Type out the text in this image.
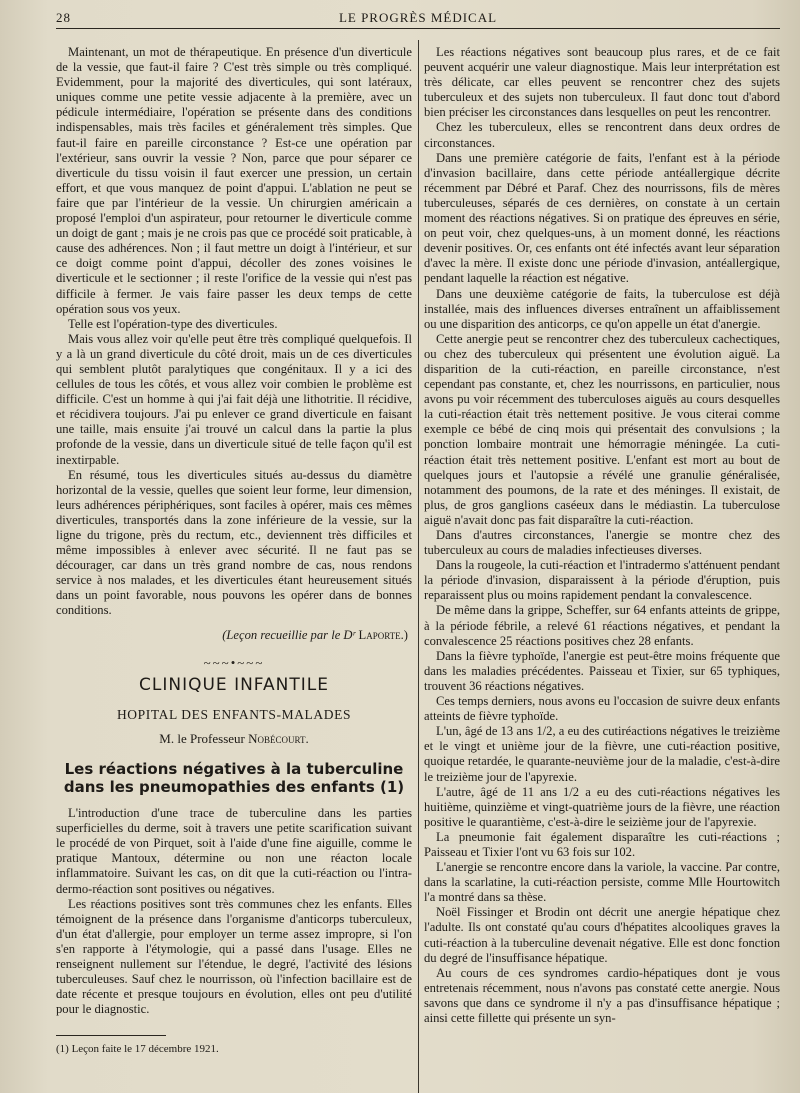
28	LE PROGRÈS MÉDICAL

Maintenant, un mot de thérapeutique. En présence d'un diverticule de la vessie, que faut-il faire ? C'est très simple ou très compliqué. Evidemment, pour la majorité des diverticules, qui sont latéraux, uniques comme une petite vessie adjacente à la première, avec un pédicule intermédiaire, l'opération se présente dans des conditions indispensables, mais très faciles et généralement très simples. Que faut-il faire en pareille circonstance ? Est-ce une opération par l'extérieur, sans ouvrir la vessie ? Non, parce que pour séparer ce diverticule du tissu voisin il faut exercer une pression, un certain effort, et que vous manquez de point d'appui. L'ablation ne peut se faire que par l'intérieur de la vessie. Un chirurgien américain a proposé l'emploi d'un aspirateur, pour retourner le diverticule comme un doigt de gant ; mais je ne crois pas que ce procédé soit praticable, à cause des adhérences. Non ; il faut mettre un doigt à l'intérieur, et sur ce doigt comme point d'appui, décoller des zones voisines le diverticule et le sectionner ; il reste l'orifice de la vessie qui n'est pas difficile à fermer. Je vais faire passer les deux temps de cette opération sous vos yeux.

Telle est l'opération-type des diverticules.

Mais vous allez voir qu'elle peut être très compliqué quelquefois. Il y a là un grand diverticule du côté droit, mais un de ces diverticules qui semblent plutôt paralytiques que congénitaux. Il y a ici des cellules de tous les côtés, et vous allez voir combien le problème est difficile. C'est un homme à qui j'ai fait déjà une lithotritie. Il récidive, et récidivera toujours. J'ai pu enlever ce grand diverticule en faisant une taille, mais ensuite j'ai trouvé un calcul dans la partie la plus profonde de la vessie, dans un diverticule situé de telle façon qu'il est inextirpable.

En résumé, tous les diverticules situés au-dessus du diamètre horizontal de la vessie, quelles que soient leur forme, leur dimension, leurs adhérences périphériques, sont faciles à opérer, mais ces mêmes diverticules, transportés dans la zone inférieure de la vessie, sur la ligne du trigone, près du rectum, etc., deviennent très difficiles et même impossibles à enlever avec sécurité. Il ne faut pas se décourager, car dans un très grand nombre de cas, nous rendons service à nos malades, et les diverticules étant heureusement situés dans un point favorable, nous pouvons les opérer dans de bonnes conditions.

(Leçon recueillie par le Dʳ Laporte.)
~~~•~~~
CLINIQUE INFANTILE
HOPITAL DES ENFANTS-MALADES
M. le Professeur Nobécourt.
Les réactions négatives à la tuberculine dans les pneumopathies des enfants (1)

L'introduction d'une trace de tuberculine dans les parties superficielles du derme, soit à travers une petite scarification suivant le procédé de von Pirquet, soit à l'aide d'une fine aiguille, comme le pratique Mantoux, détermine ou non une réacton locale inflammatoire. Suivant les cas, on dit que la cuti-réaction ou l'intra-dermo-réaction sont positives ou négatives.

Les réactions positives sont très communes chez les enfants. Elles témoignent de la présence dans l'organisme d'anticorps tuberculeux, d'un état d'allergie, pour employer un terme assez impropre, si l'on s'en rapporte à l'étymologie, qui a passé dans l'usage. Elles ne renseignent nullement sur l'étendue, le degré, l'activité des lésions tuberculeuses. Sauf chez le nourrisson, où l'infection bacillaire est de date récente et presque toujours en évolution, elles ont peu d'utilité pour le diagnostic.

(1) Leçon faite le 17 décembre 1921.

Les réactions négatives sont beaucoup plus rares, et de ce fait peuvent acquérir une valeur diagnostique. Mais leur interprétation est très délicate, car elles peuvent se rencontrer chez des sujets tuberculeux et des sujets non tuberculeux. Il faut donc tout d'abord bien préciser les circonstances dans lesquelles on peut les rencontrer.

Chez les tuberculeux, elles se rencontrent dans deux ordres de circonstances.

Dans une première catégorie de faits, l'enfant est à la période d'invasion bacillaire, dans cette période antéallergique décrite récemment par Débré et Paraf. Chez des nourrissons, fils de mères tuberculeuses, séparés de ces dernières, on constate à un certain moment des réactions négatives. Si on pratique des épreuves en série, on peut voir, chez quelques-uns, à un moment donné, les réactions devenir positives. Or, ces enfants ont été infectés avant leur séparation d'avec la mère. Il existe donc une période d'invasion, antéallergique, pendant laquelle la réaction est négative.

Dans une deuxième catégorie de faits, la tuberculose est déjà installée, mais des influences diverses entraînent un affaiblissement ou une disparition des anticorps, ce qu'on appelle un état d'anergie.

Cette anergie peut se rencontrer chez des tuberculeux cachectiques, ou chez des tuberculeux qui présentent une évolution aiguë. La disparition de la cuti-réaction, en pareille circonstance, n'est cependant pas constante, et, chez les nourrissons, en particulier, nous avons pu voir récemment des tuberculoses aiguës au cours desquelles la cuti-réaction était très nettement positive. Je vous citerai comme exemple ce bébé de cinq mois qui présentait des convulsions ; la ponction lombaire montrait une hémorragie méningée. La cuti-réaction était très nettement positive. L'enfant est mort au bout de quelques jours et l'autopsie a révélé une granulie généralisée, notamment des poumons, de la rate et des méninges. Il existait, de plus, de gros ganglions caséeux dans le médiastin. La tuberculose aiguë n'avait donc pas fait disparaître la cuti-réaction.

Dans d'autres circonstances, l'anergie se montre chez des tuberculeux au cours de maladies infectieuses diverses.

Dans la rougeole, la cuti-réaction et l'intradermo s'atténuent pendant la période d'invasion, disparaissent à la période d'éruption, puis reparaissent plus ou moins rapidement pendant la convalescence.

De même dans la grippe, Scheffer, sur 64 enfants atteints de grippe, à la période fébrile, a relevé 61 réactions négatives, et pendant la convalescence 25 réactions positives chez 28 enfants.

Dans la fièvre typhoïde, l'anergie est peut-être moins fréquente que dans les maladies précédentes. Paisseau et Tixier, sur 65 typhiques, trouvent 36 réactions négatives.

Ces temps derniers, nous avons eu l'occasion de suivre deux enfants atteints de fièvre typhoïde.

L'un, âgé de 13 ans 1/2, a eu des cutiréactions négatives le treizième et le vingt et unième jour de la fièvre, une cuti-réaction positive, quoique retardée, le quarante-neuvième jour de la maladie, c'est-à-dire le treizième jour de l'apyrexie.

L'autre, âgé de 11 ans 1/2 a eu des cuti-réactions négatives les huitième, quinzième et vingt-quatrième jours de la fièvre, une réaction positive le quarantième, c'est-à-dire le seizième jour de l'apyrexie.

La pneumonie fait également disparaître les cuti-réactions ; Paisseau et Tixier l'ont vu 63 fois sur 102.

L'anergie se rencontre encore dans la variole, la vaccine. Par contre, dans la scarlatine, la cuti-réaction persiste, comme Mlle Hourtowitch l'a montré dans sa thèse.

Noël Fissinger et Brodin ont décrit une anergie hépatique chez l'adulte. Ils ont constaté qu'au cours d'hépatites alcooliques graves la cuti-réaction à la tuberculine devenait négative. Elle est donc fonction du degré de l'insuffisance hépatique.

Au cours de ces syndromes cardio-hépatiques dont je vous entretenais récemment, nous n'avons pas constaté cette anergie. Nous savons que dans ce syndrome il n'y a pas d'insuffisance hépatique ; ainsi cette fillette qui présente un syn-
